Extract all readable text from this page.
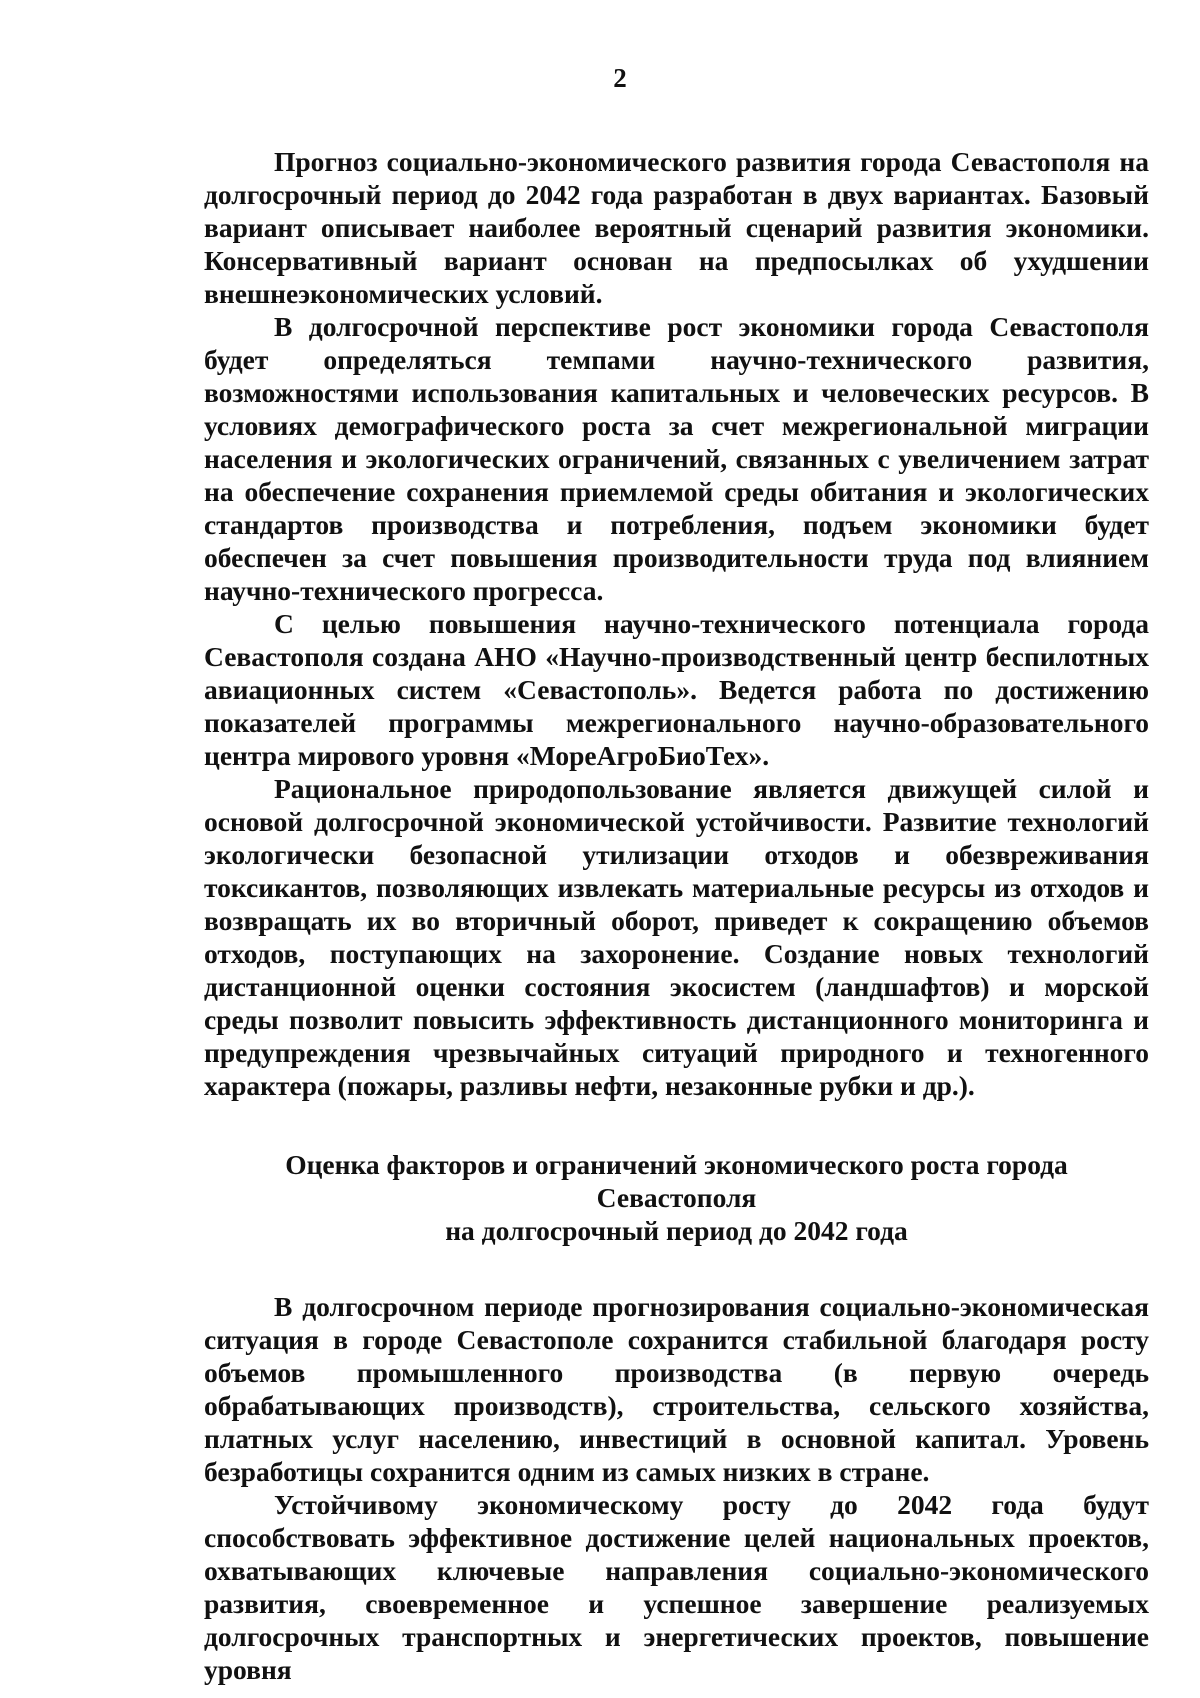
2

Прогноз социально-экономического развития города Севастополя на долгосрочный период до 2042 года разработан в двух вариантах. Базовый вариант описывает наиболее вероятный сценарий развития экономики. Консервативный вариант основан на предпосылках об ухудшении внешнеэкономических условий.

В долгосрочной перспективе рост экономики города Севастополя будет определяться темпами научно-технического развития, возможностями использования капитальных и человеческих ресурсов. В условиях демографического роста за счет межрегиональной миграции населения и экологических ограничений, связанных с увеличением затрат на обеспечение сохранения приемлемой среды обитания и экологических стандартов производства и потребления, подъем экономики будет обеспечен за счет повышения производительности труда под влиянием научно-технического прогресса.

С целью повышения научно-технического потенциала города Севастополя создана АНО «Научно-производственный центр беспилотных авиационных систем «Севастополь». Ведется работа по достижению показателей программы межрегионального научно-образовательного центра мирового уровня «МореАгроБиоТех».

Рациональное природопользование является движущей силой и основой долгосрочной экономической устойчивости. Развитие технологий экологически безопасной утилизации отходов и обезвреживания токсикантов, позволяющих извлекать материальные ресурсы из отходов и возвращать их во вторичный оборот, приведет к сокращению объемов отходов, поступающих на захоронение. Создание новых технологий дистанционной оценки состояния экосистем (ландшафтов) и морской среды позволит повысить эффективность дистанционного мониторинга и предупреждения чрезвычайных ситуаций природного и техногенного характера (пожары, разливы нефти, незаконные рубки и др.).

Оценка факторов и ограничений экономического роста города Севастополя
на долгосрочный период до 2042 года

В долгосрочном периоде прогнозирования социально-экономическая ситуация в городе Севастополе сохранится стабильной благодаря росту объемов промышленного производства (в первую очередь обрабатывающих производств), строительства, сельского хозяйства, платных услуг населению, инвестиций в основной капитал. Уровень безработицы сохранится одним из самых низких в стране.

Устойчивому экономическому росту до 2042 года будут способствовать эффективное достижение целей национальных проектов, охватывающих ключевые направления социально-экономического развития, своевременное и успешное завершение реализуемых долгосрочных транспортных и энергетических проектов, повышение уровня
